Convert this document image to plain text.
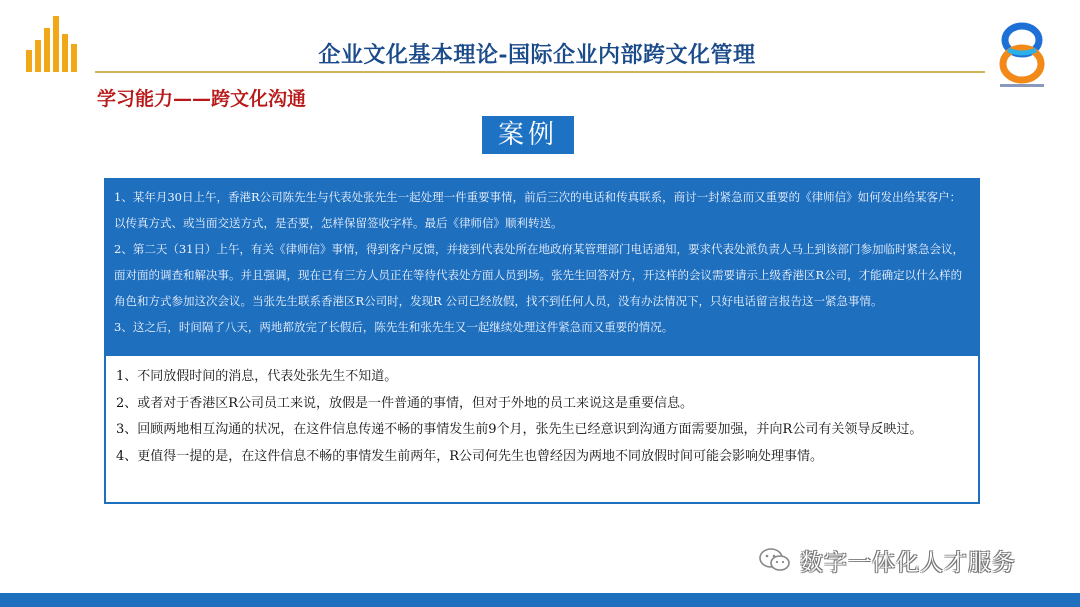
企业文化基本理论-国际企业内部跨文化管理
学习能力——跨文化沟通
案例

1、某年月30日上午，香港R公司陈先生与代表处张先生一起处理一件重要事情，前后三次的电话和传真联系，商讨一封紧急而又重要的《律师信》如何发出给某客户：以传真方式、或当面交送方式，是否要，怎样保留签收字样。最后《律师信》顺利转送。

2、第二天（31日）上午，有关《律师信》事情，得到客户反馈，并接到代表处所在地政府某管理部门电话通知，要求代表处派负责人马上到该部门参加临时紧急会议，面对面的调查和解决事。并且强调，现在已有三方人员正在等待代表处方面人员到场。张先生回答对方，开这样的会议需要请示上级香港区R公司，才能确定以什么样的角色和方式参加这次会议。当张先生联系香港区R公司时，发现R 公司已经放假，找不到任何人员，没有办法情况下，只好电话留言报告这一紧急事情。

3、这之后，时间隔了八天，两地都放完了长假后，陈先生和张先生又一起继续处理这件紧急而又重要的情况。

1、不同放假时间的消息，代表处张先生不知道。

2、或者对于香港区R公司员工来说，放假是一件普通的事情，但对于外地的员工来说这是重要信息。

3、回顾两地相互沟通的状况，在这件信息传递不畅的事情发生前9个月，张先生已经意识到沟通方面需要加强，并向R公司有关领导反映过。

4、更值得一提的是，在这件信息不畅的事情发生前两年，R公司何先生也曾经因为两地不同放假时间可能会影响处理事情。

数字一体化人才服务
